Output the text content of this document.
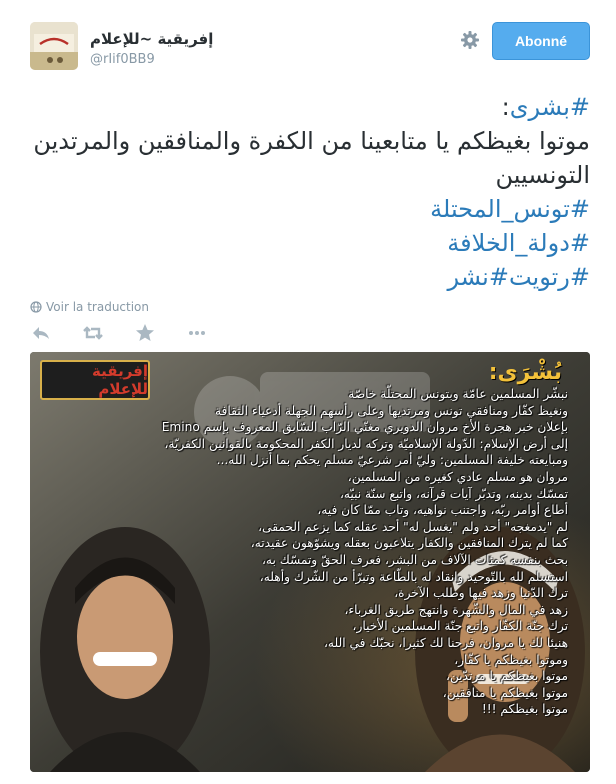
إفريقية ~للإعلام
@rIif0BB9
Abonné
#بشرى:
موتوا بغيظكم يا متابعينا من الكفرة والمنافقين والمرتدين
التونسيين
#تونس_المحتلة
#دولة_الخلافة
#رتويت#نشر
Voir la traduction
إفريقية للإعلام
بُشْرَى:
نبشّر المسلمين عامّة وبتونس المحتلّة خاصّة
ونغيظ كفّار ومنافقي تونس ومرتديها وعلى رأسهم الجهلة أدعياء الثقافة
بإعلان خبر هجرة الأخ مروان الدويري مغنّي الرّاب السّابق المعروف بإسم Emino
إلى أرض الإسلام: الدّولة الإسلاميّة وتركه لديار الكفر المحكومة بالقوانين الكفريّة،
ومبايعته خليفة المسلمين: وليّ أمر شرعيّ مسلم يحكم بما أنزل الله...
مروان هو مسلم عادي كغيره من المسلمين،
تمسّك بدينه، وتدبّر آيات قرآنه، واتبع سنّة نبيّه،
أطاع أوامر ربّه، واجتنب نواهيه، وتاب ممّا كان فيه،
لم "يدمغجه" أحد ولم "يغسل له" أحد عقله كما يزعم الحمقى،
كما لم يترك المنافقين والكفار يتلاعبون بعقله ويشوّهون عقيدته،
بحث بنفسه كمئات الآلاف من البشر، فعرف الحقّ وتمسّك به،
استسلم لله بالتّوحيد وانقاد له بالطّاعة وتبرّأ من الشّرك وأهله،
ترك الدّنيا وزهد فيها وطلب الآخرة،
زهد في المال والشّهرة وانتهج طريق الغرباء،
ترك جنّة الكفّار واتبع جنّة المسلمين الأخيار،
هنيئا لك يا مروان، فرحنا لك كثيرا، نحبّك في الله،
وموتوا بغيظكم يا كفّار،
موتوا بغيظكم يا مرتدّين،
موتوا بغيظكم يا منافقين،
موتوا بغيظكم !!!
